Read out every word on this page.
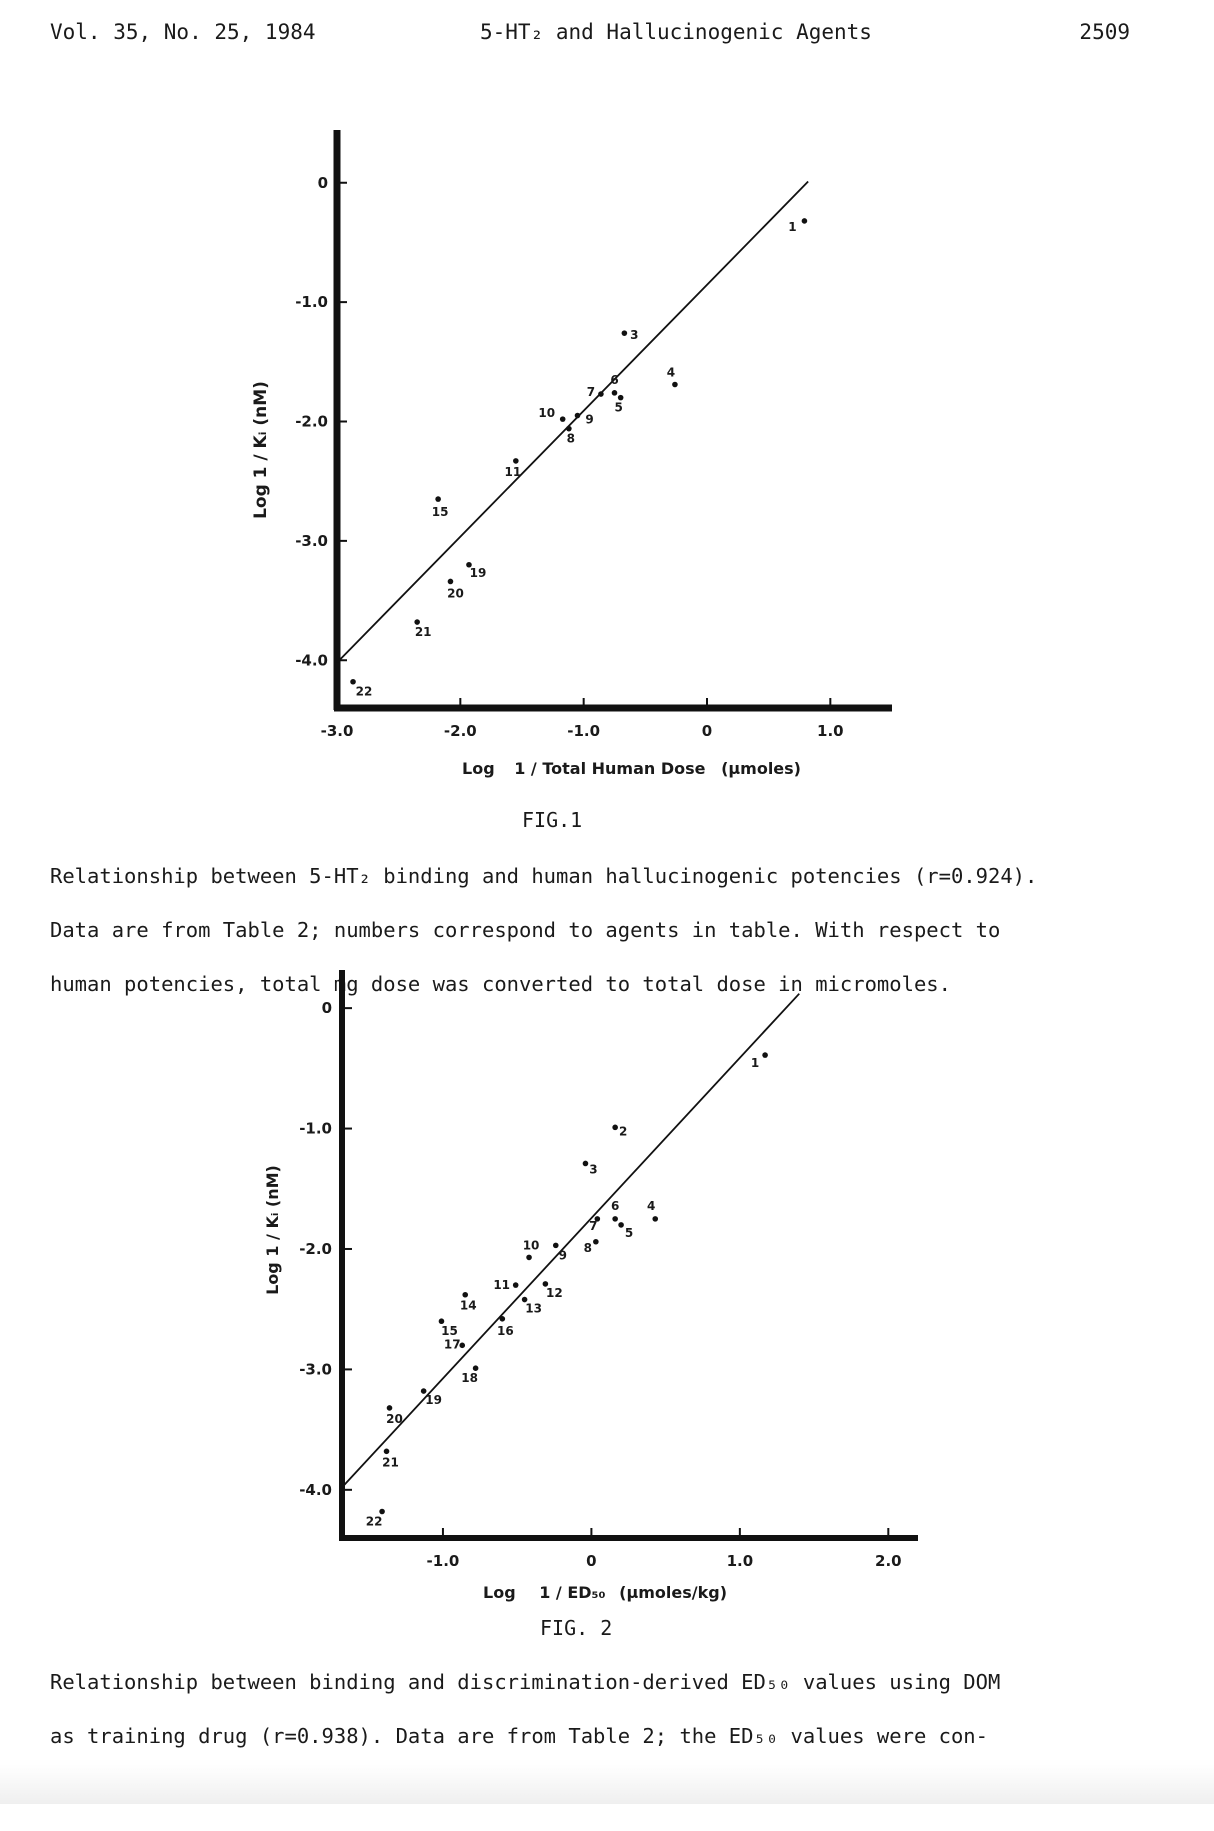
Vol. 35, No. 25, 1984	5-HT₂ and Hallucinogenic Agents	2509
0
-1.0
-2.0
-3.0
-4.0
-3.0	-2.0	-1.0	0	1.0
1
3
4
5
6
7
8
9
10
11
15
19
20
21
22
Log 1 / Kᵢ (nM)
Log 1 / Total Human Dose (μmoles)
FIG.1

Relationship between 5-HT₂ binding and human hallucinogenic potencies (r=0.924).

Data are from Table 2; numbers correspond to agents in table. With respect to

human potencies, total mg dose was converted to total dose in micromoles.

0
-1.0
-2.0
-3.0
-4.0
-1.0	0	1.0	2.0
1
2
3
4
5
6
7
8
9
10
11
12
13
14
15	16
17
18
19
20
21
22
Log 1 / Kᵢ (nM)
Log 1 / ED₅₀ (μmoles/kg)
FIG. 2

Relationship between binding and discrimination-derived ED₅₀ values using DOM

as training drug (r=0.938). Data are from Table 2; the ED₅₀ values were con-
